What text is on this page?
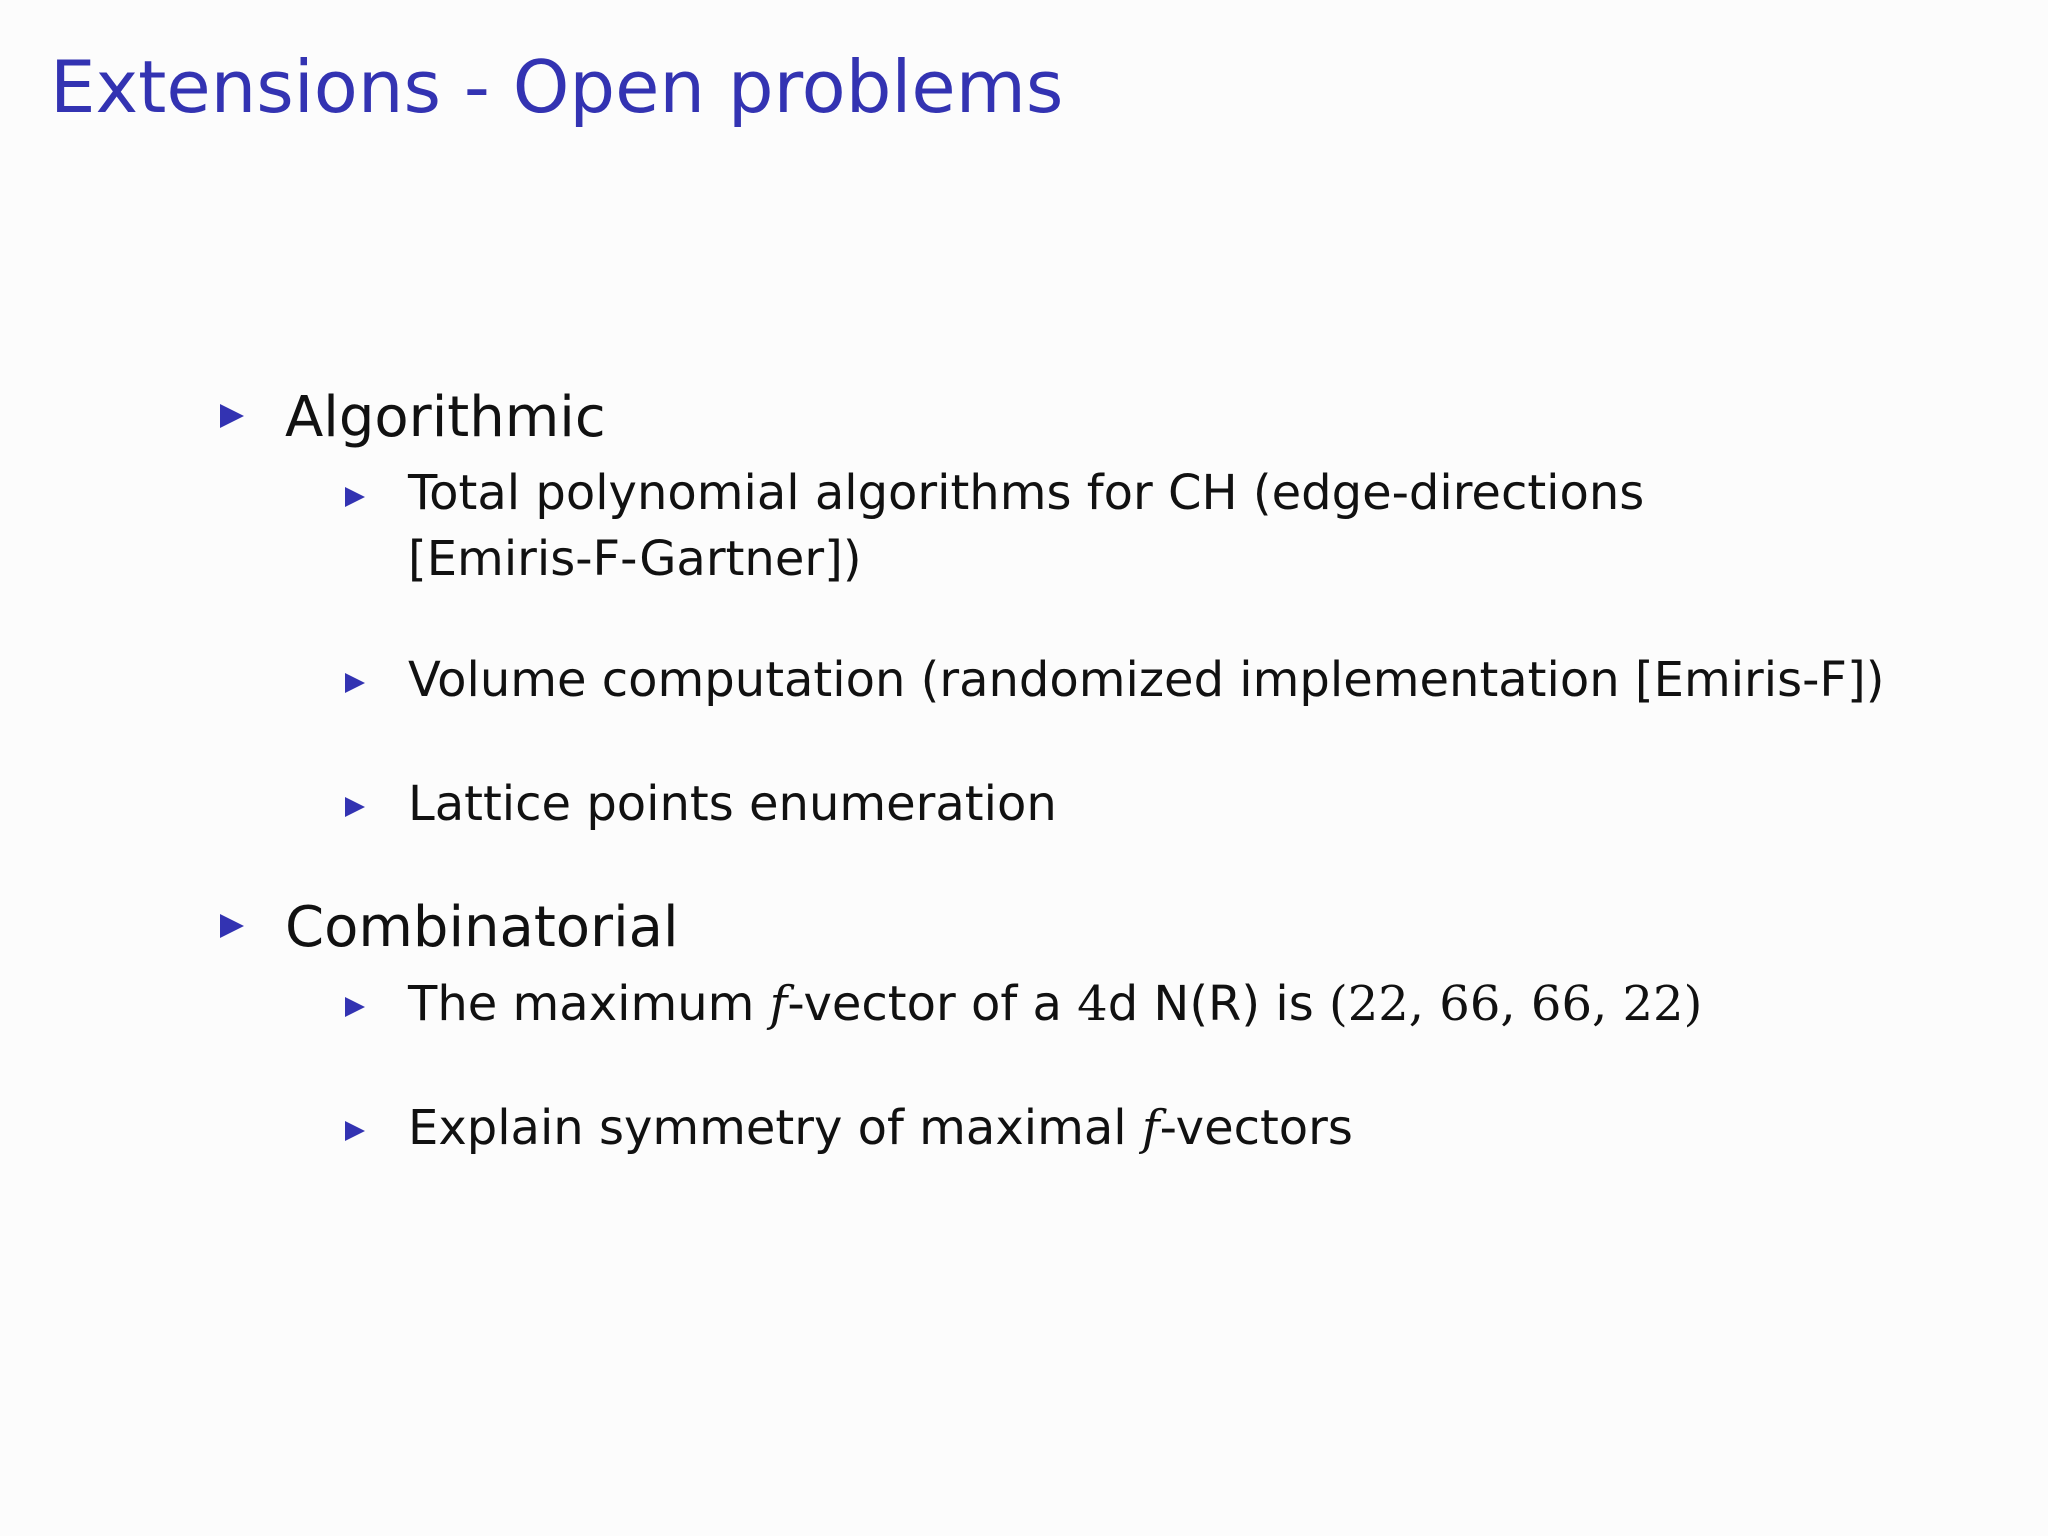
Extensions - Open problems
Algorithmic
Total polynomial algorithms for CH (edge-directions
[Emiris-F-Gartner])
Volume computation (randomized implementation [Emiris-F])
Lattice points enumeration
Combinatorial
The maximum f-vector of a 4d N(R) is (22, 66, 66, 22)
Explain symmetry of maximal f-vectors
